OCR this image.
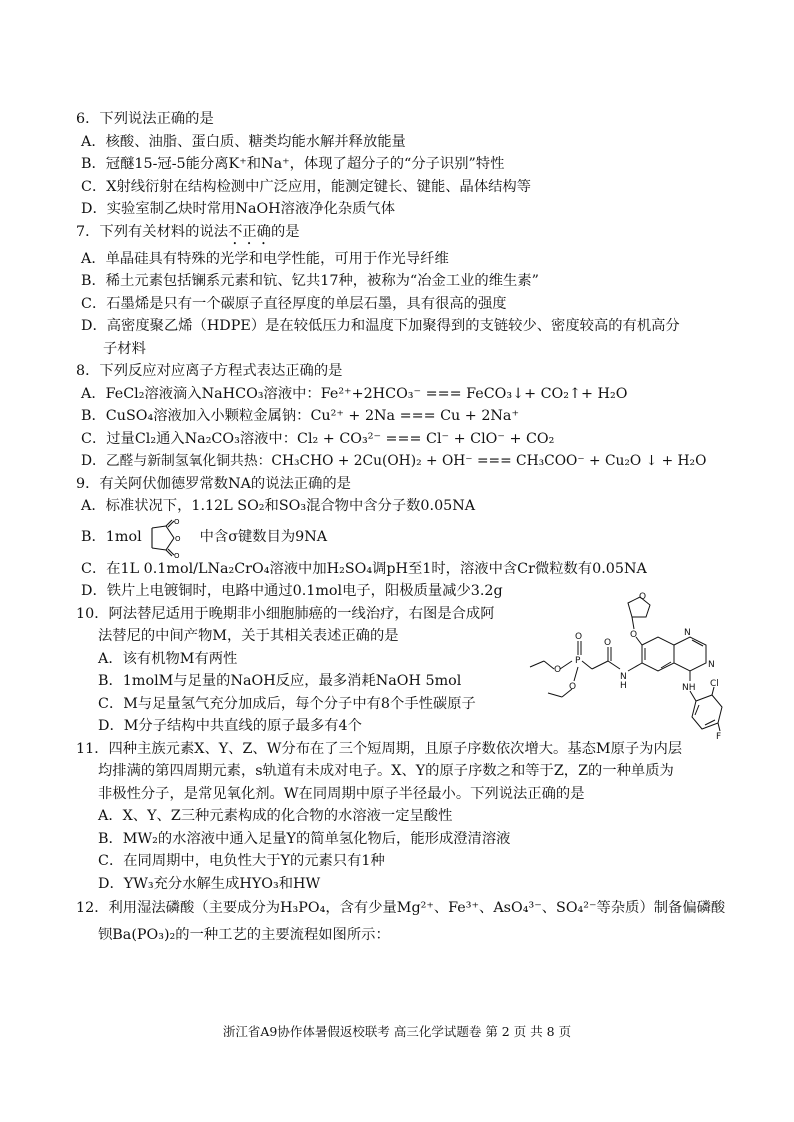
6．下列说法正确的是
A．核酸、油脂、蛋白质、糖类均能水解并释放能量
B．冠醚15-冠-5能分离K⁺和Na⁺，体现了超分子的“分子识别”特性
C．X射线衍射在结构检测中广泛应用，能测定键长、键能、晶体结构等
D．实验室制乙炔时常用NaOH溶液净化杂质气体
7．下列有关材料的说法不正确的是
A．单晶硅具有特殊的光学和电学性能，可用于作光导纤维
B．稀土元素包括镧系元素和钪、钇共17种，被称为“冶金工业的维生素”
C．石墨烯是只有一个碳原子直径厚度的单层石墨，具有很高的强度
D．高密度聚乙烯（HDPE）是在较低压力和温度下加聚得到的支链较少、密度较高的有机高分
子材料
8．下列反应对应离子方程式表达正确的是
A．FeCl₂溶液滴入NaHCO₃溶液中：Fe²⁺+2HCO₃⁻ === FeCO₃↓+ CO₂↑+ H₂O
B．CuSO₄溶液加入小颗粒金属钠：Cu²⁺ + 2Na === Cu + 2Na⁺
C．过量Cl₂通入Na₂CO₃溶液中：Cl₂ + CO₃²⁻ === Cl⁻ + ClO⁻ + CO₂
D．乙醛与新制氢氧化铜共热：CH₃CHO + 2Cu(OH)₂ + OH⁻ === CH₃COO⁻ + Cu₂O ↓ + H₂O
9．有关阿伏伽德罗常数NA的说法正确的是
A．标准状况下，1.12L SO₂和SO₃混合物中含分子数0.05NA
B．1mol
O
O
O
中含σ键数目为9NA
C．在1L 0.1mol/LNa₂CrO₄溶液中加H₂SO₄调pH至1时，溶液中含Cr微粒数有0.05NA
D．铁片上电镀铜时，电路中通过0.1mol电子，阳极质量减少3.2g
10．阿法替尼适用于晚期非小细胞肺癌的一线治疗，右图是合成阿
法替尼的中间产物M，关于其相关表述正确的是
A．该有机物M有两性
B．1molM与足量的NaOH反应，最多消耗NaOH 5mol
C．M与足量氢气充分加成后，每个分子中有8个手性碳原子
D．M分子结构中共直线的原子最多有4个
O
O
N
H
O
P
O
O
O
N
N
NH Cl
F
11．四种主族元素X、Y、Z、W分布在了三个短周期，且原子序数依次增大。基态M原子为内层
均排满的第四周期元素，s轨道有未成对电子。X、Y的原子序数之和等于Z，Z的一种单质为
非极性分子，是常见氧化剂。W在同周期中原子半径最小。下列说法正确的是
A．X、Y、Z三种元素构成的化合物的水溶液一定呈酸性
B．MW₂的水溶液中通入足量Y的简单氢化物后，能形成澄清溶液
C．在同周期中，电负性大于Y的元素只有1种
D．YW₃充分水解生成HYO₃和HW
12．利用湿法磷酸（主要成分为H₃PO₄，含有少量Mg²⁺、Fe³⁺、AsO₄³⁻、SO₄²⁻等杂质）制备偏磷酸
钡Ba(PO₃)₂的一种工艺的主要流程如图所示：
浙江省A9协作体暑假返校联考 高三化学试题卷 第 2 页 共 8 页
